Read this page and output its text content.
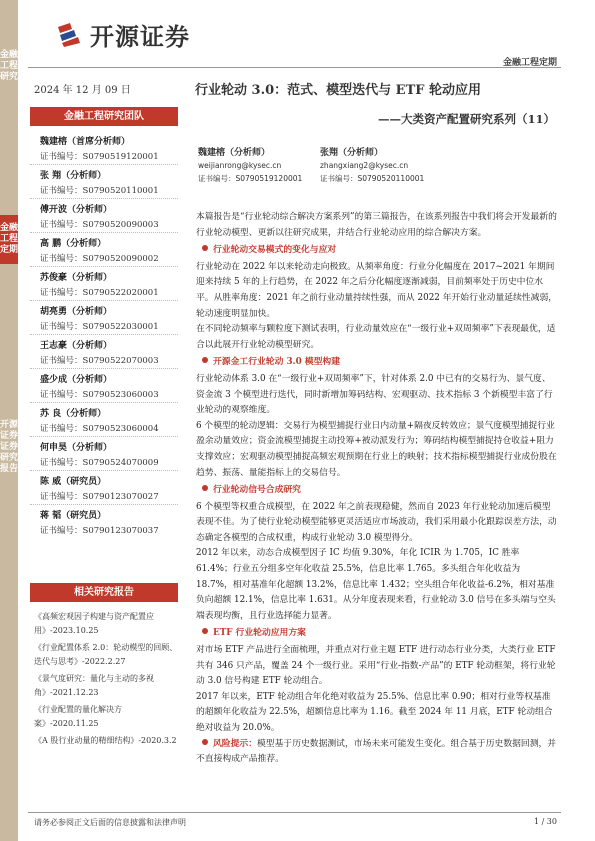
金融工程研究
金融工程定期
开源证券 证券研究报告
开源证券
金融工程定期
2024 年 12 月 09 日
金融工程研究团队
魏建榕（首席分析师）
证书编号：S0790519120001
张 翔（分析师）
证书编号：S0790520110001
傅开波（分析师）
证书编号：S0790520090003
高 鹏（分析师）
证书编号：S0790520090002
苏俊豪（分析师）
证书编号：S0790522020001
胡亮勇（分析师）
证书编号：S0790522030001
王志豪（分析师）
证书编号：S0790522070003
盛少成（分析师）
证书编号：S0790523060003
苏 良（分析师）
证书编号：S0790523060004
何申昊（分析师）
证书编号：S0790524070009
陈 威（研究员）
证书编号：S0790123070027
蒋 韬（研究员）
证书编号：S0790123070037
相关研究报告
《高频宏观因子构建与资产配置应用》-2023.10.25
《行业配置体系 2.0：轮动模型的回顾、迭代与思考》-2022.2.27
《景气度研究：量化与主动的多视角》-2021.12.23
《行业配置的量化解决方案》-2020.11.25
《A 股行业动量的精细结构》-2020.3.2
行业轮动 3.0：范式、模型迭代与 ETF 轮动应用
——大类资产配置研究系列（11）
魏建榕（分析师）
weijianrong@kysec.cn
证书编号：S0790519120001
张翔（分析师）
zhangxiang2@kysec.cn
证书编号：S0790520110001

本篇报告是“行业轮动综合解决方案系列”的第三篇报告，在该系列报告中我们将会开发最新的行业轮动模型、更新以往研究成果，并结合行业轮动应用的综合解决方案。

行业轮动交易模式的变化与应对

行业轮动在 2022 年以来轮动走向极致。从频率角度：行业分化幅度在 2017~2021 年期间迎来持续 5 年的上行趋势，在 2022 年之后分化幅度逐渐减弱，目前频率处于历史中位水平。从胜率角度：2021 年之前行业动量持续性强，而从 2022 年开始行业动量延续性减弱，轮动速度明显加快。

在不同轮动频率与颗粒度下测试表明，行业动量效应在“一级行业+双周频率”下表现最优，适合以此展开行业轮动模型研究。

开源金工行业轮动 3.0 模型构建

行业轮动体系 3.0 在“一级行业+双周频率”下，针对体系 2.0 中已有的交易行为、景气度、资金流 3 个模型进行迭代，同时新增加筹码结构、宏观驱动、技术指标 3 个新模型丰富了行业轮动的观察维度。

6 个模型的轮动逻辑：交易行为模型捕捉行业日内动量+隔夜反转效应；景气度模型捕捉行业盈余动量效应；资金流模型捕捉主动投筹+被动派发行为；筹码结构模型捕捉持仓收益+阻力支撑效应；宏观驱动模型捕捉高频宏观预期在行业上的映射；技术指标模型捕捉行业成份股在趋势、振荡、量能指标上的交易信号。

行业轮动信号合成研究

6 个模型等权重合成模型，在 2022 年之前表现稳健，然而自 2023 年行业轮动加速后模型表现不佳。为了使行业轮动模型能够更灵活适应市场波动，我们采用最小化跟踪误差方法，动态确定各模型的合成权重，构成行业轮动 3.0 模型得分。

2012 年以来，动态合成模型因子 IC 均值 9.30%，年化 ICIR 为 1.705，IC 胜率 61.4%；行业五分组多空年化收益 25.5%，信息比率 1.765。多头组合年化收益为 18.7%，相对基准年化超额 13.2%，信息比率 1.432；空头组合年化收益-6.2%，相对基准负向超额 12.1%，信息比率 1.631。从分年度表现来看，行业轮动 3.0 信号在多头端与空头端表现均衡，且行业选择能力显著。

ETF 行业轮动应用方案

对市场 ETF 产品进行全面梳理，并重点对行业主题 ETF 进行动态行业分类，大类行业 ETF 共有 346 只产品，覆盖 24 个一级行业。采用“行业-指数-产品”的 ETF 轮动框架，将行业轮动 3.0 信号构建 ETF 轮动组合。

2017 年以来，ETF 轮动组合年化绝对收益为 25.5%、信息比率 0.90；相对行业等权基准的超额年化收益为 22.5%，超额信息比率为 1.16。截至 2024 年 11 月底，ETF 轮动组合绝对收益为 20.0%。

风险提示：模型基于历史数据测试，市场未来可能发生变化。组合基于历史数据回测，并不直接构成产品推荐。

请务必参阅正文后面的信息披露和法律声明	1 / 30
